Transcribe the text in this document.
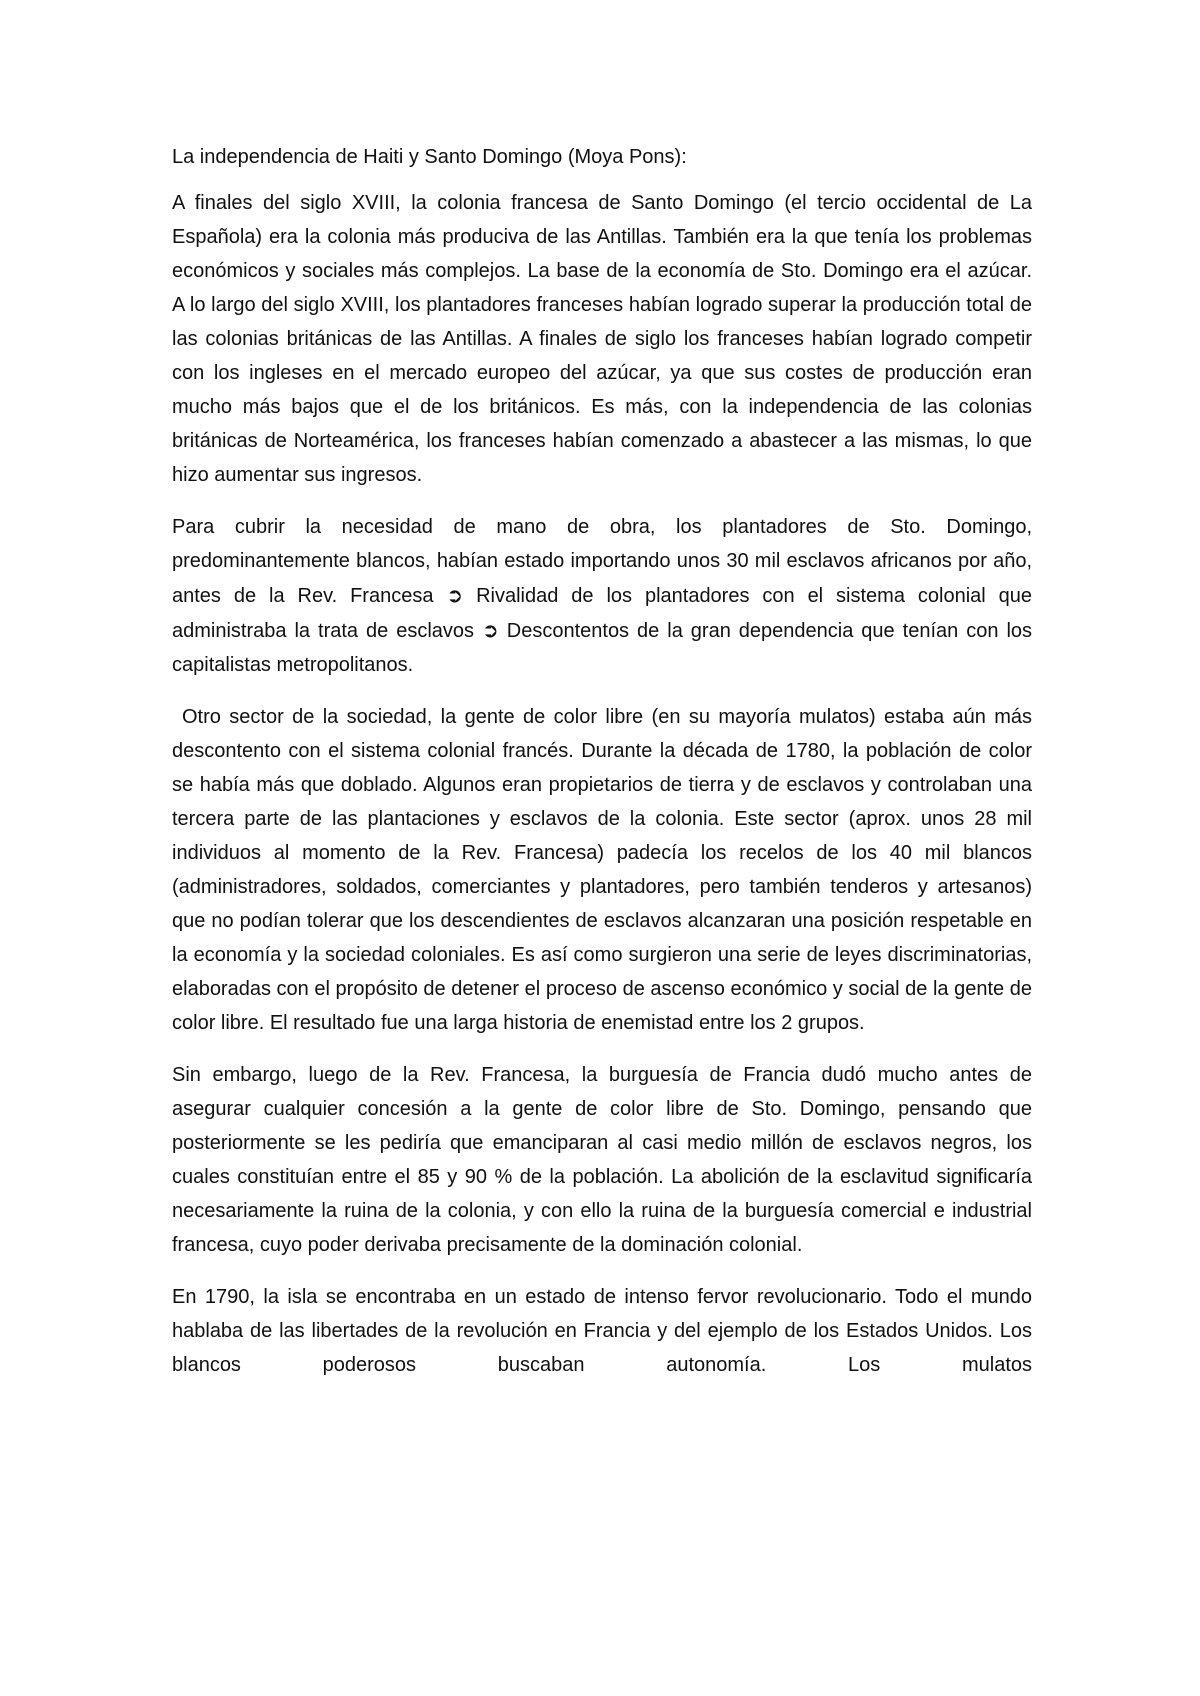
La independencia de Haiti y Santo Domingo (Moya Pons):

A finales del siglo XVIII, la colonia francesa de Santo Domingo (el tercio occidental de La Española) era la colonia más produciva de las Antillas. También era la que tenía los problemas económicos y sociales más complejos. La base de la economía de Sto. Domingo era el azúcar. A lo largo del siglo XVIII, los plantadores franceses habían logrado superar la producción total de las colonias británicas de las Antillas. A finales de siglo los franceses habían logrado competir con los ingleses en el mercado europeo del azúcar, ya que sus costes de producción eran mucho más bajos que el de los británicos. Es más, con la independencia de las colonias británicas de Norteamérica, los franceses habían comenzado a abastecer a las mismas, lo que hizo aumentar sus ingresos.

Para cubrir la necesidad de mano de obra, los plantadores de Sto. Domingo, predominantemente blancos, habían estado importando unos 30 mil esclavos africanos por año, antes de la Rev. Francesa ➲ Rivalidad de los plantadores con el sistema colonial que administraba la trata de esclavos ➲ Descontentos de la gran dependencia que tenían con los capitalistas metropolitanos.

Otro sector de la sociedad, la gente de color libre (en su mayoría mulatos) estaba aún más descontento con el sistema colonial francés. Durante la década de 1780, la población de color se había más que doblado. Algunos eran propietarios de tierra y de esclavos y controlaban una tercera parte de las plantaciones y esclavos de la colonia. Este sector (aprox. unos 28 mil individuos al momento de la Rev. Francesa) padecía los recelos de los 40 mil blancos (administradores, soldados, comerciantes y plantadores, pero también tenderos y artesanos) que no podían tolerar que los descendientes de esclavos alcanzaran una posición respetable en la economía y la sociedad coloniales. Es así como surgieron una serie de leyes discriminatorias, elaboradas con el propósito de detener el proceso de ascenso económico y social de la gente de color libre. El resultado fue una larga historia de enemistad entre los 2 grupos.

Sin embargo, luego de la Rev. Francesa, la burguesía de Francia dudó mucho antes de asegurar cualquier concesión a la gente de color libre de Sto. Domingo, pensando que posteriormente se les pediría que emanciparan al casi medio millón de esclavos negros, los cuales constituían entre el 85 y 90 % de la población. La abolición de la esclavitud significaría necesariamente la ruina de la colonia, y con ello la ruina de la burguesía comercial e industrial francesa, cuyo poder derivaba precisamente de la dominación colonial.

En 1790, la isla se encontraba en un estado de intenso fervor revolucionario. Todo el mundo hablaba de las libertades de la revolución en Francia y del ejemplo de los Estados Unidos. Los blancos poderosos buscaban autonomía. Los mulatos
